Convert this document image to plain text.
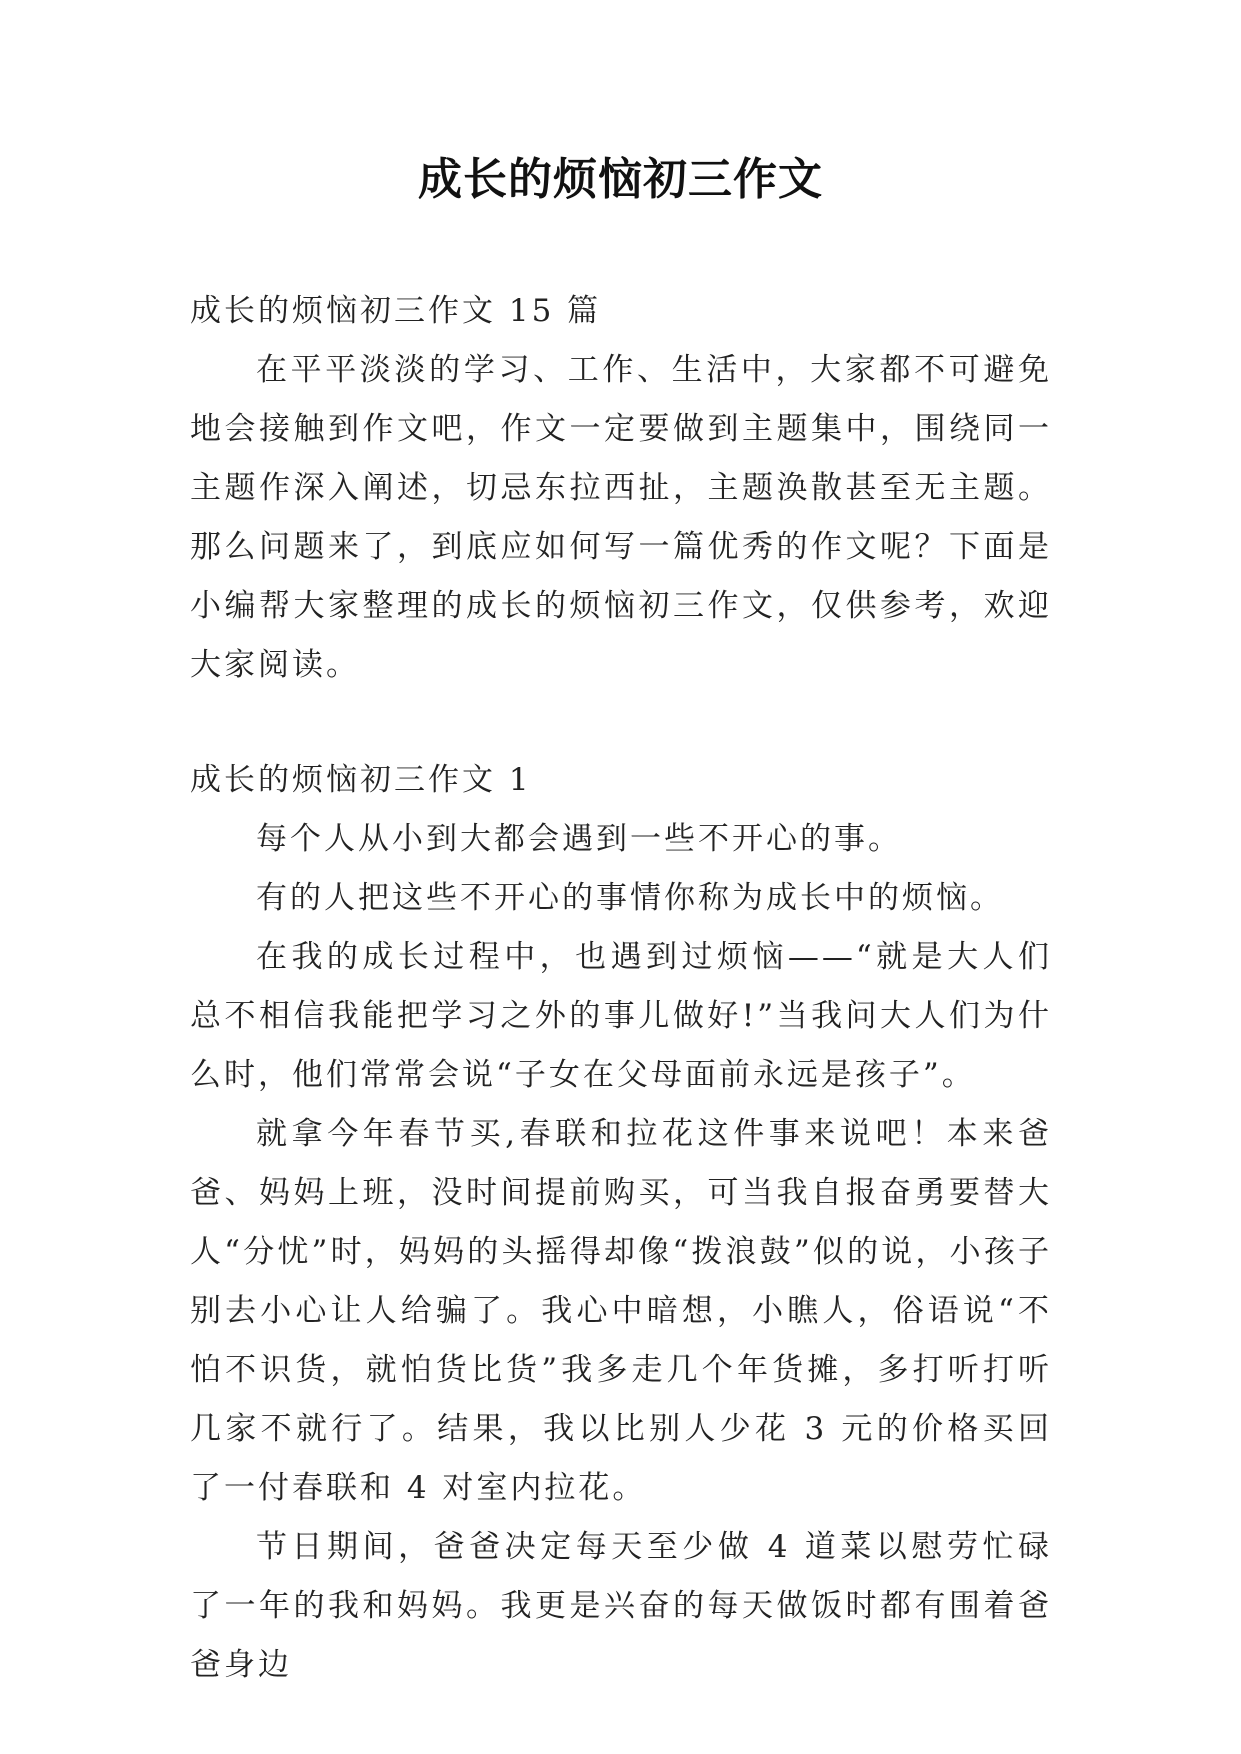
成长的烦恼初三作文

成长的烦恼初三作文 15 篇

在平平淡淡的学习、工作、生活中，大家都不可避免地会接触到作文吧，作文一定要做到主题集中，围绕同一主题作深入阐述，切忌东拉西扯，主题涣散甚至无主题。那么问题来了，到底应如何写一篇优秀的作文呢？下面是小编帮大家整理的成长的烦恼初三作文，仅供参考，欢迎大家阅读。

成长的烦恼初三作文 1

每个人从小到大都会遇到一些不开心的事。

有的人把这些不开心的事情你称为成长中的烦恼。

在我的成长过程中，也遇到过烦恼——“就是大人们总不相信我能把学习之外的事儿做好!”当我问大人们为什么时，他们常常会说“子女在父母面前永远是孩子”。

就拿今年春节买,春联和拉花这件事来说吧！本来爸爸、妈妈上班，没时间提前购买，可当我自报奋勇要替大人“分忧”时，妈妈的头摇得却像“拨浪鼓”似的说，小孩子别去小心让人给骗了。我心中暗想，小瞧人，俗语说“不怕不识货，就怕货比货”我多走几个年货摊，多打听打听几家不就行了。结果，我以比别人少花 3 元的价格买回了一付春联和 4 对室内拉花。

节日期间，爸爸决定每天至少做 4 道菜以慰劳忙碌了一年的我和妈妈。我更是兴奋的每天做饭时都有围着爸爸身边
